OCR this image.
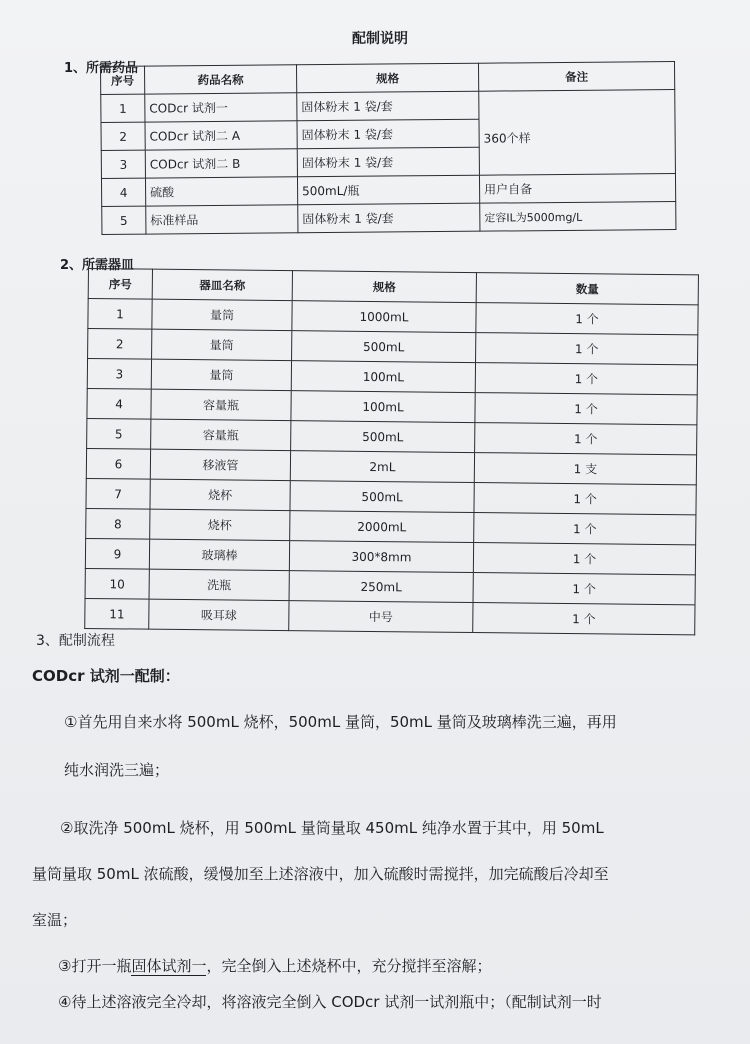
配制说明
1、所需药品
序号	药品名称	规格	备注
1	CODcr 试剂一	固体粉末 1 袋/套	360个样
2	CODcr 试剂二 A	固体粉末 1 袋/套	
3	CODcr 试剂二 B	固体粉末 1 袋/套	
4	硫酸	500mL/瓶	用户自备
5	标准样品	固体粉末 1 袋/套	定容IL为5000mg/L
2、所需器皿
序号	器皿名称	规格	数量
1	量筒	1000mL	1 个
2	量筒	500mL	1 个
3	量筒	100mL	1 个
4	容量瓶	100mL	1 个
5	容量瓶	500mL	1 个
6	移液管	2mL	1 支
7	烧杯	500mL	1 个
8	烧杯	2000mL	1 个
9	玻璃棒	300*8mm	1 个
10	洗瓶	250mL	1 个
11	吸耳球	中号	1 个
3、配制流程
CODcr 试剂一配制：
①首先用自来水将 500mL 烧杯，500mL 量筒，50mL 量筒及玻璃棒洗三遍，再用
纯水润洗三遍；
②取洗净 500mL 烧杯，用 500mL 量筒量取 450mL 纯净水置于其中，用 50mL
量筒量取 50mL 浓硫酸，缓慢加至上述溶液中，加入硫酸时需搅拌，加完硫酸后冷却至
室温；
③打开一瓶固体试剂一，完全倒入上述烧杯中，充分搅拌至溶解；
④待上述溶液完全冷却，将溶液完全倒入 CODcr 试剂一试剂瓶中；（配制试剂一时
